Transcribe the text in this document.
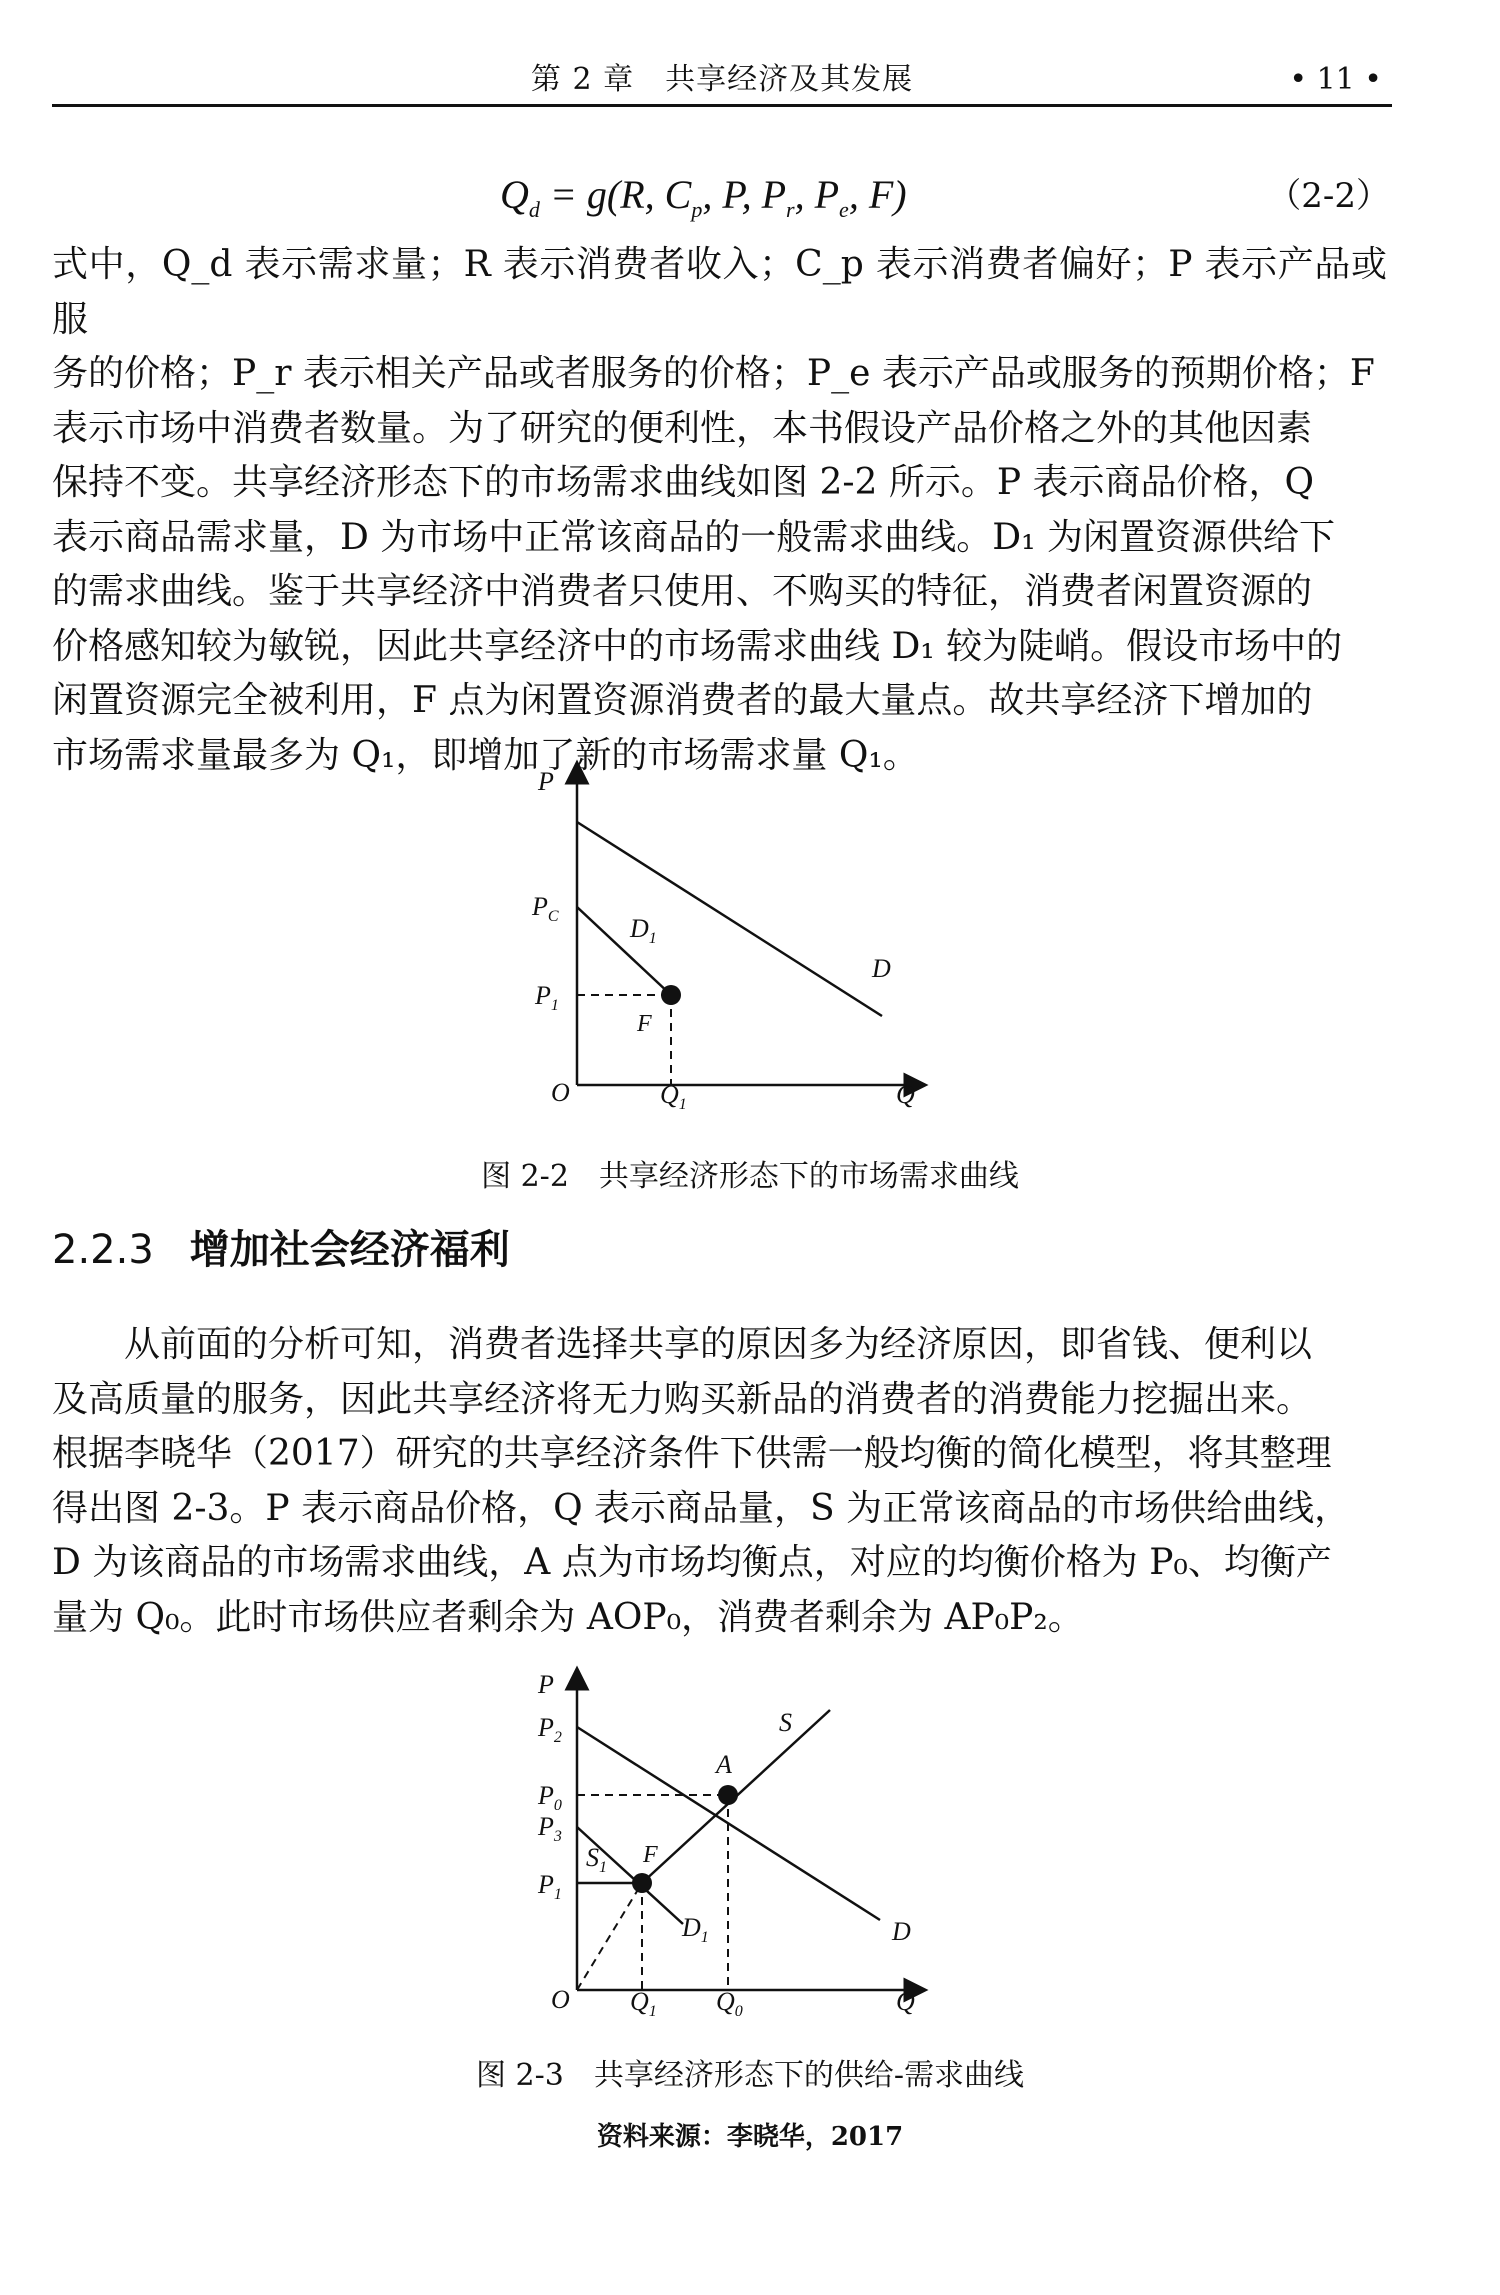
第 2 章　共享经济及其发展	• 11 •
$Q_d = g(R$, $C_p$, P, $P_r$, $P_e$, F)	（2-2）
式中，Q_d 表示需求量；R 表示消费者收入；C_p 表示消费者偏好；P 表示产品或服
务的价格；P_r 表示相关产品或者服务的价格；P_e 表示产品或服务的预期价格；F
表示市场中消费者数量。为了研究的便利性，本书假设产品价格之外的其他因素
保持不变。共享经济形态下的市场需求曲线如图 2-2 所示。P 表示商品价格，Q
表示商品需求量，D 为市场中正常该商品的一般需求曲线。D₁ 为闲置资源供给下
的需求曲线。鉴于共享经济中消费者只使用、不购买的特征，消费者闲置资源的
价格感知较为敏锐，因此共享经济中的市场需求曲线 D₁ 较为陡峭。假设市场中的
闲置资源完全被利用，F 点为闲置资源消费者的最大量点。故共享经济下增加的
市场需求量最多为 Q₁，即增加了新的市场需求量 Q₁。
P
$P_C$	$D_1$
D
$P_1$
F
O	$Q_1$	Q
P
$P_2$
S
A
$P_0$
$P_3$
$S_1$ F
$P_1$
D
$D_1$
O $Q_1$ $Q_0$	Q
图 2-2　共享经济形态下的市场需求曲线
2.2.3 增加社会经济福利
从前面的分析可知，消费者选择共享的原因多为经济原因，即省钱、便利以
及高质量的服务，因此共享经济将无力购买新品的消费者的消费能力挖掘出来。
根据李晓华（2017）研究的共享经济条件下供需一般均衡的简化模型，将其整理
得出图 2-3。P 表示商品价格，Q 表示商品量，S 为正常该商品的市场供给曲线，
D 为该商品的市场需求曲线，A 点为市场均衡点，对应的均衡价格为 P₀、均衡产
量为 Q₀。此时市场供应者剩余为 AOP₀，消费者剩余为 AP₀P₂。
图 2-3　共享经济形态下的供给-需求曲线
资料来源：李晓华，2017
